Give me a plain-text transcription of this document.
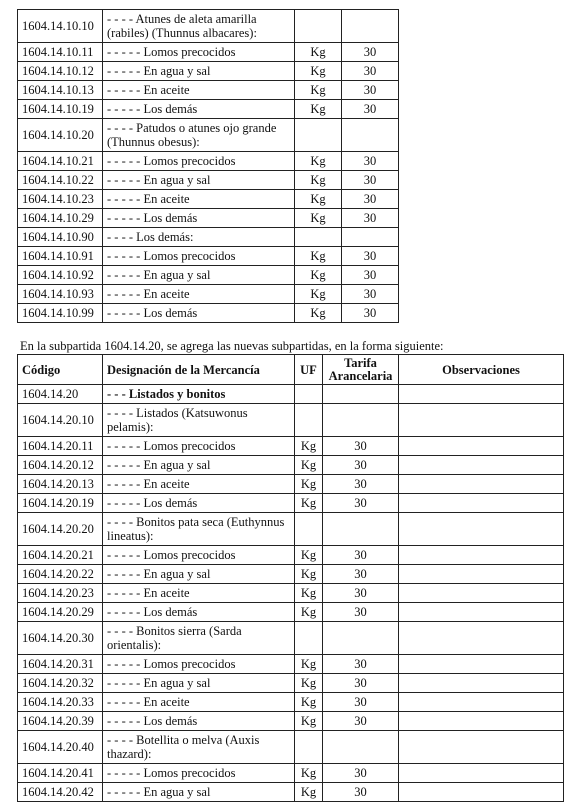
1604.14.10.10	- - - - Atunes de aleta amarilla (rabiles) (Thunnus albacares):		
1604.14.10.11	- - - - - Lomos precocidos	Kg	30
1604.14.10.12	- - - - - En agua y sal	Kg	30
1604.14.10.13	- - - - - En aceite	Kg	30
1604.14.10.19	- - - - - Los demás	Kg	30
1604.14.10.20	- - - - Patudos o atunes ojo grande (Thunnus obesus):		
1604.14.10.21	- - - - - Lomos precocidos	Kg	30
1604.14.10.22	- - - - - En agua y sal	Kg	30
1604.14.10.23	- - - - - En aceite	Kg	30
1604.14.10.29	- - - - - Los demás	Kg	30
1604.14.10.90	- - - - Los demás:		
1604.14.10.91	- - - - - Lomos precocidos	Kg	30
1604.14.10.92	- - - - - En agua y sal	Kg	30
1604.14.10.93	- - - - - En aceite	Kg	30
1604.14.10.99	- - - - - Los demás	Kg	30
En la subpartida 1604.14.20, se agrega las nuevas subpartidas, en la forma siguiente:
Código	Designación de la Mercancía	UF	Tarifa Arancelaria	Observaciones
1604.14.20	- - - Listados y bonitos			
1604.14.20.10	- - - - Listados (Katsuwonus pelamis):			
1604.14.20.11	- - - - - Lomos precocidos	Kg	30	
1604.14.20.12	- - - - - En agua y sal	Kg	30	
1604.14.20.13	- - - - - En aceite	Kg	30	
1604.14.20.19	- - - - - Los demás	Kg	30	
1604.14.20.20	- - - - Bonitos pata seca (Euthynnus lineatus):			
1604.14.20.21	- - - - - Lomos precocidos	Kg	30	
1604.14.20.22	- - - - - En agua y sal	Kg	30	
1604.14.20.23	- - - - - En aceite	Kg	30	
1604.14.20.29	- - - - - Los demás	Kg	30	
1604.14.20.30	- - - - Bonitos sierra (Sarda orientalis):			
1604.14.20.31	- - - - - Lomos precocidos	Kg	30	
1604.14.20.32	- - - - - En agua y sal	Kg	30	
1604.14.20.33	- - - - - En aceite	Kg	30	
1604.14.20.39	- - - - - Los demás	Kg	30	
1604.14.20.40	- - - - Botellita o melva (Auxis thazard):			
1604.14.20.41	- - - - - Lomos precocidos	Kg	30	
1604.14.20.42	- - - - - En agua y sal	Kg	30	
